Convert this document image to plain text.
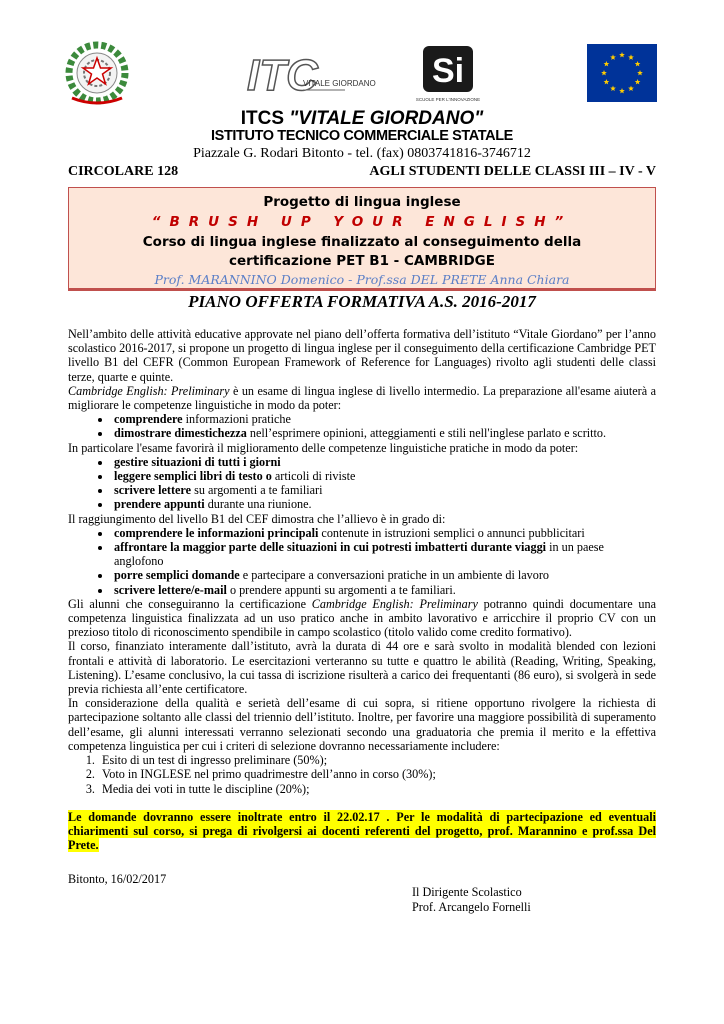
ITC
VITALE GIORDANO Si
SCUOLE PER L'INNOVAZIONE
ITCS "VITALE GIORDANO"
ISTITUTO TECNICO COMMERCIALE STATALE
Piazzale G. Rodari Bitonto - tel. (fax) 0803741816-3746712
CIRCOLARE 128	AGLI STUDENTI DELLE CLASSI III – IV - V
Progetto di lingua inglese
“BRUSH UP YOUR ENGLISH”
Corso di lingua inglese finalizzato al conseguimento della
certificazione PET B1 - CAMBRIDGE
Prof. MARANNINO Domenico - Prof.ssa DEL PRETE Anna Chiara
PIANO OFFERTA FORMATIVA A.S. 2016-2017

Nell’ambito delle attività educative approvate nel piano dell’offerta formativa dell’istituto “Vitale Giordano” per l’anno scolastico 2016-2017, si propone un progetto di lingua inglese per il conseguimento della certificazione Cambridge PET livello B1 del CEFR (Common European Framework of Reference for Languages) rivolto agli studenti delle classi terze, quarte e quinte.

Cambridge English: Preliminary è un esame di lingua inglese di livello intermedio. La preparazione all'esame aiuterà a migliorare le competenze linguistiche in modo da poter:

• comprendere informazioni pratiche
• dimostrare dimestichezza nell’esprimere opinioni, atteggiamenti e stili nell'inglese parlato e scritto.

In particolare l'esame favorirà il miglioramento delle competenze linguistiche pratiche in modo da poter:

• gestire situazioni di tutti i giorni
• leggere semplici libri di testo o articoli di riviste
• scrivere lettere su argomenti a te familiari
• prendere appunti durante una riunione.

Il raggiungimento del livello B1 del CEF dimostra che l’allievo è in grado di:

• comprendere le informazioni principali contenute in istruzioni semplici o annunci pubblicitari
• affrontare la maggior parte delle situazioni in cui potresti imbatterti durante viaggi in un paese anglofono
• porre semplici domande e partecipare a conversazioni pratiche in un ambiente di lavoro
• scrivere lettere/e-mail o prendere appunti su argomenti a te familiari.

Gli alunni che conseguiranno la certificazione Cambridge English: Preliminary potranno quindi documentare una competenza linguistica finalizzata ad un uso pratico anche in ambito lavorativo e arricchire il proprio CV con un prezioso titolo di riconoscimento spendibile in campo scolastico (titolo valido come credito formativo).

Il corso, finanziato interamente dall’istituto, avrà la durata di 44 ore e sarà svolto in modalità blended con lezioni frontali e attività di laboratorio. Le esercitazioni verteranno su tutte e quattro le abilità (Reading, Writing, Speaking, Listening). L’esame conclusivo, la cui tassa di iscrizione risulterà a carico dei frequentanti (86 euro), si svolgerà in sede previa richiesta all’ente certificatore.

In considerazione della qualità e serietà dell’esame di cui sopra, si ritiene opportuno rivolgere la richiesta di partecipazione soltanto alle classi del triennio dell’istituto. Inoltre, per favorire una maggiore possibilità di superamento dell’esame, gli alunni interessati verranno selezionati secondo una graduatoria che premia il merito e la effettiva competenza linguistica per cui i criteri di selezione dovranno necessariamente includere:

1. Esito di un test di ingresso preliminare (50%);
2. Voto in INGLESE nel primo quadrimestre dell’anno in corso (30%);
3. Media dei voti in tutte le discipline (20%);

Le domande dovranno essere inoltrate entro il 22.02.17 . Per le modalità di partecipazione ed eventuali chiarimenti sul corso, si prega di rivolgersi ai docenti referenti del progetto, prof. Marannino e prof.ssa Del Prete.

Bitonto, 16/02/2017
Il Dirigente Scolastico
Prof. Arcangelo Fornelli
